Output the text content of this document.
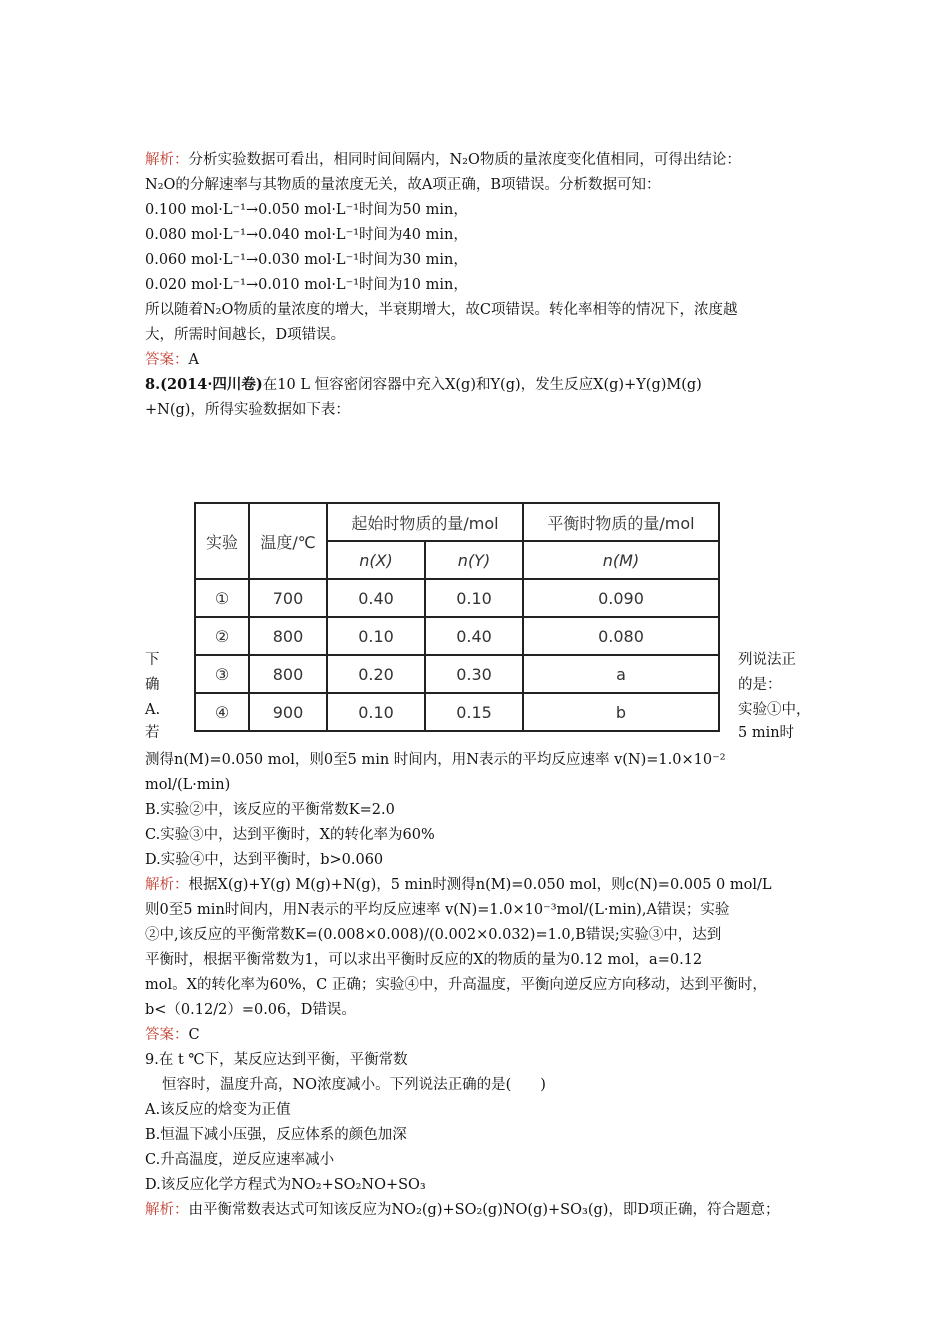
解析：分析实验数据可看出，相同时间间隔内，N₂O物质的量浓度变化值相同，可得出结论：
N₂O的分解速率与其物质的量浓度无关，故A项正确，B项错误。分析数据可知：
0.100 mol·L⁻¹→0.050 mol·L⁻¹时间为50 min，
0.080 mol·L⁻¹→0.040 mol·L⁻¹时间为40 min，
0.060 mol·L⁻¹→0.030 mol·L⁻¹时间为30 min，
0.020 mol·L⁻¹→0.010 mol·L⁻¹时间为10 min，
所以随着N₂O物质的量浓度的增大，半衰期增大，故C项错误。转化率相等的情况下，浓度越
大，所需时间越长，D项错误。
答案：A
8.(2014·四川卷)在10 L 恒容密闭容器中充入X(g)和Y(g)，发生反应X(g)+Y(g)M(g)
+N(g)，所得实验数据如下表：
实验	温度/℃	起始时物质的量/mol		平衡时物质的量/mol
		n(X)	n(Y)	n(M)
①	700	0.40	0.10	0.090
②	800	0.10	0.40	0.080
③	800	0.20	0.30	a
④	900	0.10	0.15	b
下
确
A.
若
列说法正
的是：
实验①中，
5 min时
测得n(M)=0.050 mol，则0至5 min 时间内，用N表示的平均反应速率 v(N)=1.0×10⁻²
mol/(L·min)
B.实验②中，该反应的平衡常数K=2.0
C.实验③中，达到平衡时，X的转化率为60%
D.实验④中，达到平衡时，b>0.060
解析：根据X(g)+Y(g) M(g)+N(g)，5 min时测得n(M)=0.050 mol，则c(N)=0.005 0 mol/L
则0至5 min时间内，用N表示的平均反应速率 v(N)=1.0×10⁻³mol/(L·min),A错误；实验
②中,该反应的平衡常数K=(0.008×0.008)/(0.002×0.032)=1.0,B错误;实验③中，达到
平衡时，根据平衡常数为1，可以求出平衡时反应的X的物质的量为0.12 mol，a=0.12
mol。X的转化率为60%，C 正确；实验④中，升高温度，平衡向逆反应方向移动，达到平衡时，
b<（0.12/2）=0.06，D错误。
答案：C
9.在 t ℃下，某反应达到平衡，平衡常数
恒容时，温度升高，NO浓度减小。下列说法正确的是(　　)
A.该反应的焓变为正值
B.恒温下减小压强，反应体系的颜色加深
C.升高温度，逆反应速率减小
D.该反应化学方程式为NO₂+SO₂NO+SO₃
解析：由平衡常数表达式可知该反应为NO₂(g)+SO₂(g)NO(g)+SO₃(g)，即D项正确，符合题意；
